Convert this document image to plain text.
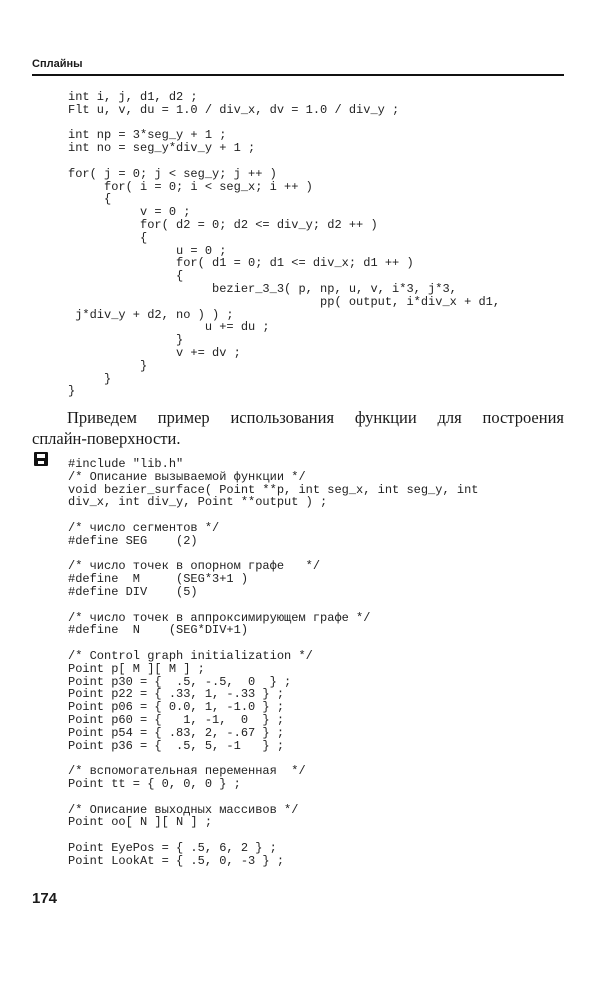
Сплайны
int i, j, d1, d2 ;
Flt u, v, du = 1.0 / div_x, dv = 1.0 / div_y ;

int np = 3*seg_y + 1 ;
int no = seg_y*div_y + 1 ;

for( j = 0; j < seg_y; j ++ )
for( i = 0; i < seg_x; i ++ )
{
v = 0 ;
for( d2 = 0; d2 <= div_y; d2 ++ )
{
u = 0 ;
for( d1 = 0; d1 <= div_x; d1 ++ )
{
bezier_3_3( p, np, u, v, i*3, j*3,
pp( output, i*div_x + d1,
j*div_y + d2, no ) ) ;
u += du ;
}
v += dv ;
}
}
}
Приведем пример использования функции для построения
сплайн-поверхности.
#include "lib.h"
/* Описание вызываемой функции */
void bezier_surface( Point **p, int seg_x, int seg_y, int
div_x, int div_y, Point **output ) ;

/* число сегментов */
#define SEG    (2)

/* число точек в опорном графе   */
#define  M     (SEG*3+1 )
#define DIV    (5)

/* число точек в аппроксимирующем графе */
#define  N    (SEG*DIV+1)

/* Control graph initialization */
Point p[ M ][ M ] ;
Point p30 = {  .5, -.5,  0  } ;
Point p22 = { .33, 1, -.33 } ;
Point p06 = { 0.0, 1, -1.0 } ;
Point p60 = {   1, -1,  0  } ;
Point p54 = { .83, 2, -.67 } ;
Point p36 = {  .5, 5, -1   } ;

/* вспомогательная переменная  */
Point tt = { 0, 0, 0 } ;

/* Описание выходных массивов */
Point oo[ N ][ N ] ;

Point EyePos = { .5, 6, 2 } ;
Point LookAt = { .5, 0, -3 } ;
174
